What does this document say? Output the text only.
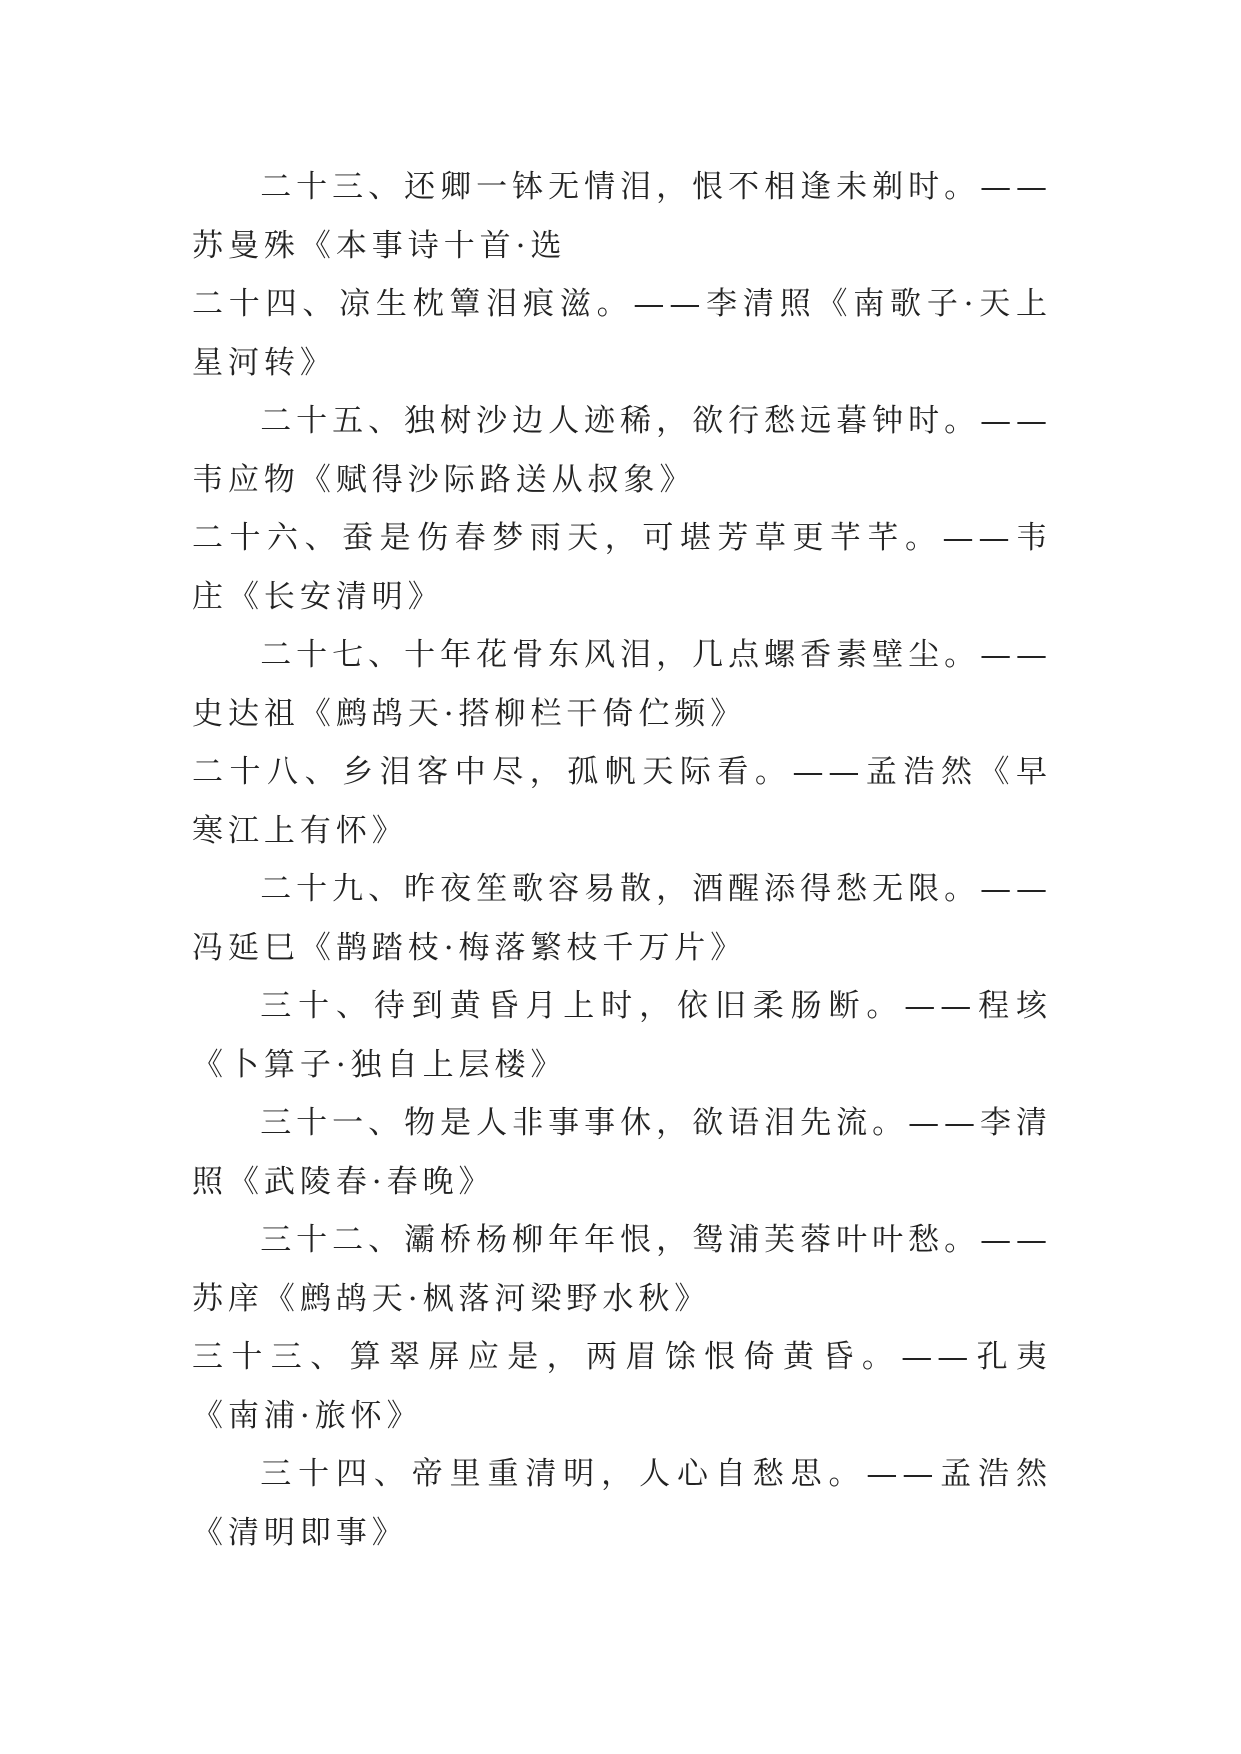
二十三、还卿一钵无情泪，恨不相逢未剃时。——苏曼殊《本事诗十首·选

二十四、凉生枕簟泪痕滋。——李清照《南歌子·天上星河转》

二十五、独树沙边人迹稀，欲行愁远暮钟时。——韦应物《赋得沙际路送从叔象》

二十六、蚕是伤春梦雨天，可堪芳草更芊芊。——韦庄《长安清明》

二十七、十年花骨东风泪，几点螺香素壁尘。——史达祖《鹧鸪天·搭柳栏干倚伫频》

二十八、乡泪客中尽，孤帆天际看。——孟浩然《早寒江上有怀》

二十九、昨夜笙歌容易散，酒醒添得愁无限。——冯延巳《鹊踏枝·梅落繁枝千万片》

三十、待到黄昏月上时，依旧柔肠断。——程垓《卜算子·独自上层楼》

三十一、物是人非事事休，欲语泪先流。——李清照《武陵春·春晚》

三十二、灞桥杨柳年年恨，鸳浦芙蓉叶叶愁。——苏庠《鹧鸪天·枫落河梁野水秋》

三十三、算翠屏应是，两眉馀恨倚黄昏。——孔夷《南浦·旅怀》

三十四、帝里重清明，人心自愁思。——孟浩然《清明即事》
